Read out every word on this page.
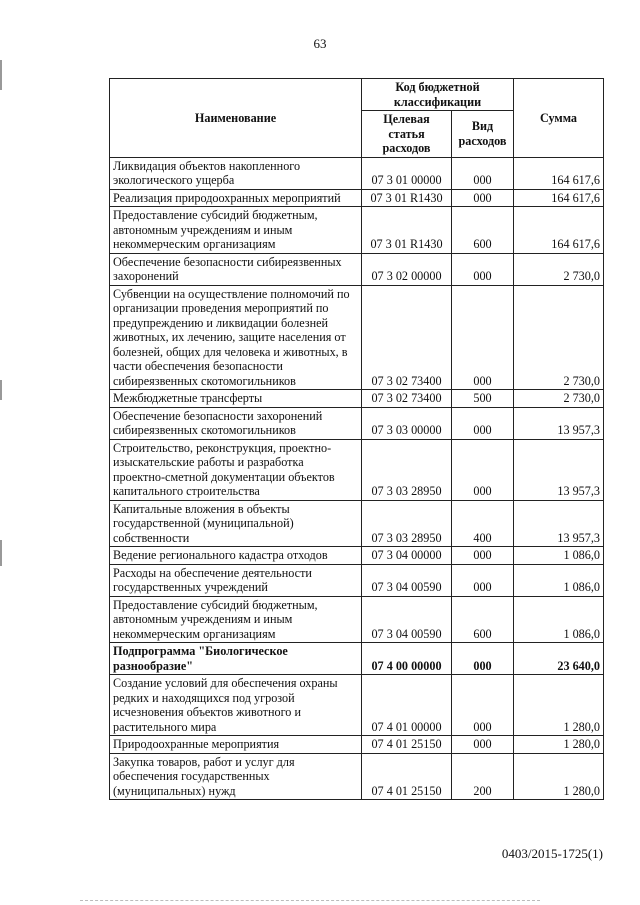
63
Наименование	Код бюджетной классификации		Сумма
	Целевая статья расходов	Вид расходов	
Ликвидация объектов накопленного экологического ущерба	07 3 01 00000	000	164 617,6
Реализация природоохранных мероприятий	07 3 01 R1430	000	164 617,6
Предоставление субсидий бюджетным, автономным учреждениям и иным некоммерческим организациям	07 3 01 R1430	600	164 617,6
Обеспечение безопасности сибиреязвенных захоронений	07 3 02 00000	000	2 730,0
Субвенции на осуществление полномочий по организации проведения мероприятий по предупреждению и ликвидации болезней животных, их лечению, защите населения от болезней, общих для человека и животных, в части обеспечения безопасности сибиреязвенных скотомогильников	07 3 02 73400	000	2 730,0
Межбюджетные трансферты	07 3 02 73400	500	2 730,0
Обеспечение безопасности захоронений сибиреязвенных скотомогильников	07 3 03 00000	000	13 957,3
Строительство, реконструкция, проектно-изыскательские работы и разработка проектно-сметной документации объектов капитального строительства	07 3 03 28950	000	13 957,3
Капитальные вложения в объекты государственной (муниципальной) собственности	07 3 03 28950	400	13 957,3
Ведение регионального кадастра отходов	07 3 04 00000	000	1 086,0
Расходы на обеспечение деятельности государственных учреждений	07 3 04 00590	000	1 086,0
Предоставление субсидий бюджетным, автономным учреждениям и иным некоммерческим организациям	07 3 04 00590	600	1 086,0
Подпрограмма "Биологическое разнообразие"	07 4 00 00000	000	23 640,0
Создание условий для обеспечения охраны редких и находящихся под угрозой исчезновения объектов животного и растительного мира	07 4 01 00000	000	1 280,0
Природоохранные мероприятия	07 4 01 25150	000	1 280,0
Закупка товаров, работ и услуг для обеспечения государственных (муниципальных) нужд	07 4 01 25150	200	1 280,0
0403/2015-1725(1)
